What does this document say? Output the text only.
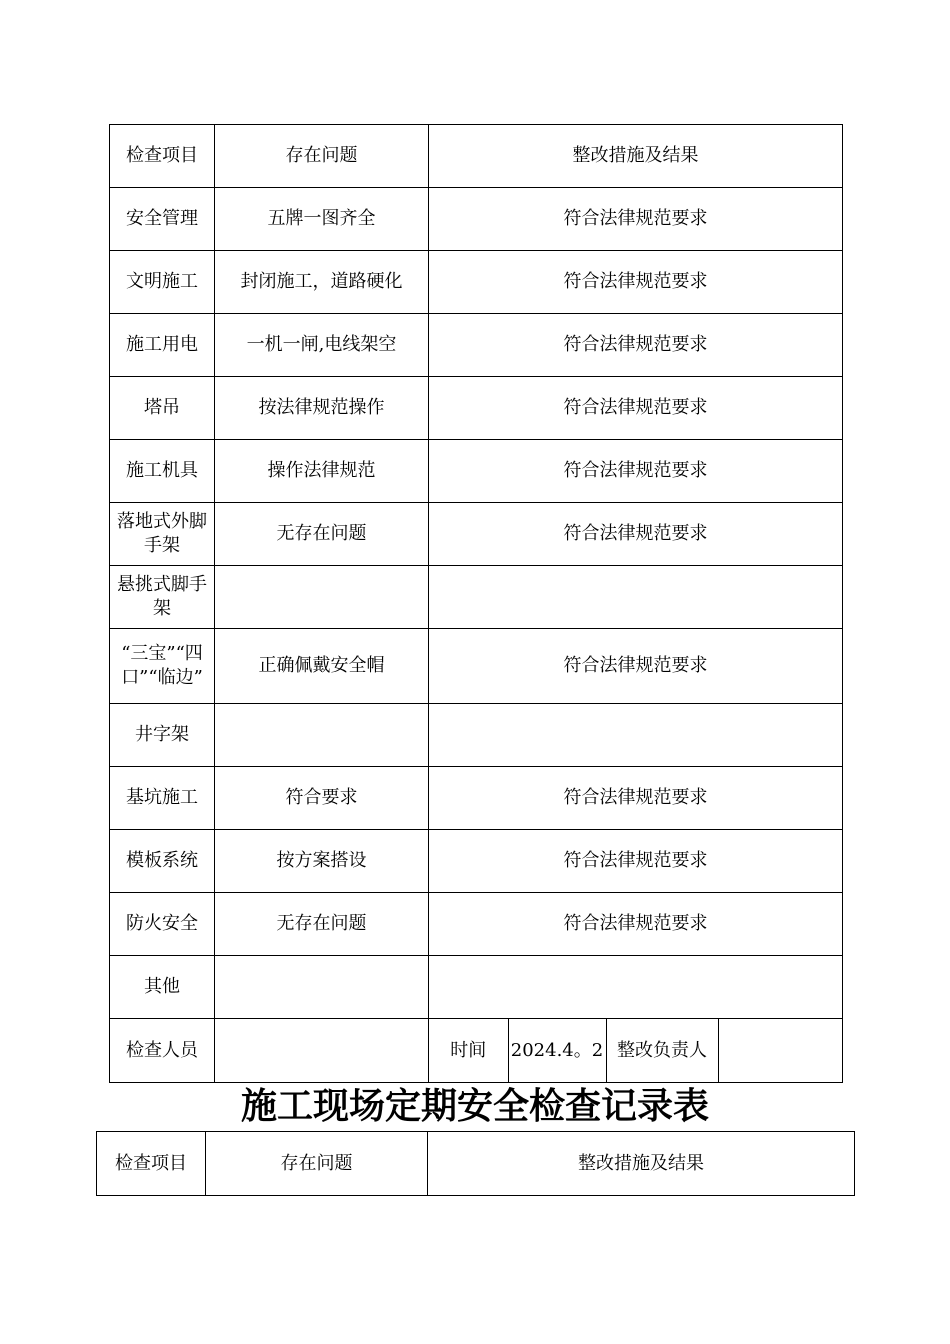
检查项目	存在问题	整改措施及结果
安全管理	五牌一图齐全	符合法律规范要求
文明施工	封闭施工，道路硬化	符合法律规范要求
施工用电	一机一闸,电线架空	符合法律规范要求
塔吊	按法律规范操作	符合法律规范要求
施工机具	操作法律规范	符合法律规范要求
落地式外脚手架	无存在问题	符合法律规范要求
悬挑式脚手架		
“三宝”“四口”“临边”	正确佩戴安全帽	符合法律规范要求
井字架		
基坑施工	符合要求	符合法律规范要求
模板系统	按方案搭设	符合法律规范要求
防火安全	无存在问题	符合法律规范要求
其他		
检查人员			时间	2024.4。2	整改负责人	
施工现场定期安全检查记录表
检查项目	存在问题	整改措施及结果
